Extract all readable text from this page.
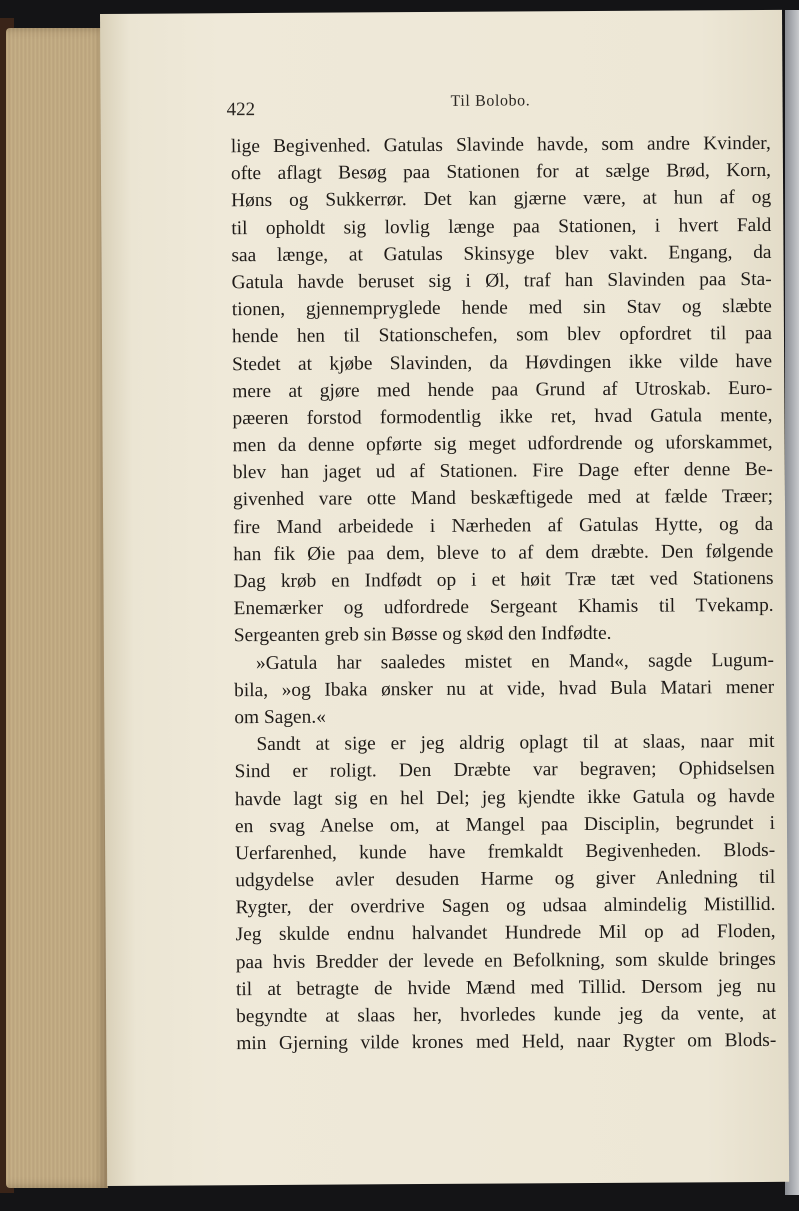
422	Til Bolobo.
lige Begivenhed. Gatulas Slavinde havde, som andre Kvinder,
ofte aflagt Besøg paa Stationen for at sælge Brød, Korn,
Høns og Sukkerrør. Det kan gjærne være, at hun af og
til opholdt sig lovlig længe paa Stationen, i hvert Fald
saa længe, at Gatulas Skinsyge blev vakt. Engang, da
Gatula havde beruset sig i Øl, traf han Slavinden paa Sta-
tionen, gjennempryglede hende med sin Stav og slæbte
hende hen til Stationschefen, som blev opfordret til paa
Stedet at kjøbe Slavinden, da Høvdingen ikke vilde have
mere at gjøre med hende paa Grund af Utroskab. Euro-
pæeren forstod formodentlig ikke ret, hvad Gatula mente,
men da denne opførte sig meget udfordrende og uforskammet,
blev han jaget ud af Stationen. Fire Dage efter denne Be-
givenhed vare otte Mand beskæftigede med at fælde Træer;
fire Mand arbeidede i Nærheden af Gatulas Hytte, og da
han fik Øie paa dem, bleve to af dem dræbte. Den følgende
Dag krøb en Indfødt op i et høit Træ tæt ved Stationens
Enemærker og udfordrede Sergeant Khamis til Tvekamp.
Sergeanten greb sin Bøsse og skød den Indfødte.
»Gatula har saaledes mistet en Mand«, sagde Lugum-
bila, »og Ibaka ønsker nu at vide, hvad Bula Matari mener
om Sagen.«
Sandt at sige er jeg aldrig oplagt til at slaas, naar mit
Sind er roligt. Den Dræbte var begraven; Ophidselsen
havde lagt sig en hel Del; jeg kjendte ikke Gatula og havde
en svag Anelse om, at Mangel paa Disciplin, begrundet i
Uerfarenhed, kunde have fremkaldt Begivenheden. Blods-
udgydelse avler desuden Harme og giver Anledning til
Rygter, der overdrive Sagen og udsaa almindelig Mistillid.
Jeg skulde endnu halvandet Hundrede Mil op ad Floden,
paa hvis Bredder der levede en Befolkning, som skulde bringes
til at betragte de hvide Mænd med Tillid. Dersom jeg nu
begyndte at slaas her, hvorledes kunde jeg da vente, at
min Gjerning vilde krones med Held, naar Rygter om Blods-
